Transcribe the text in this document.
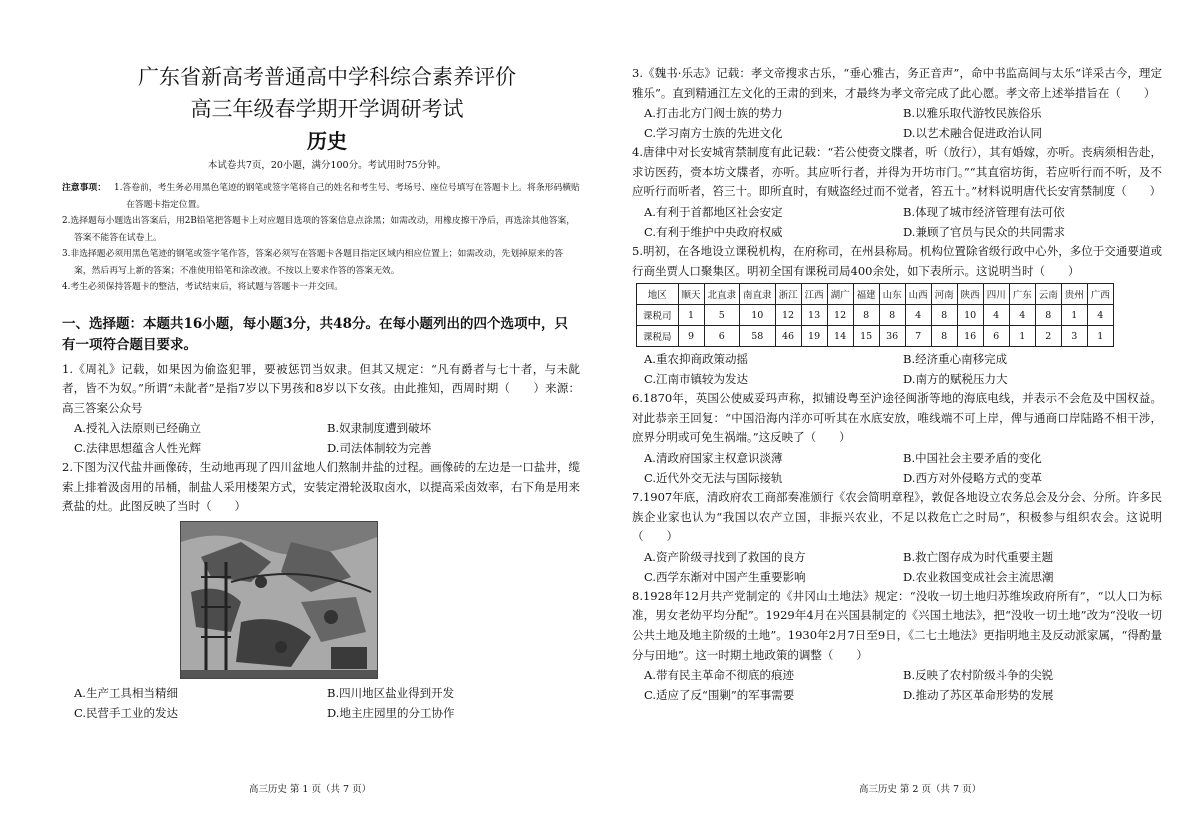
广东省新高考普通高中学科综合素养评价
高三年级春学期开学调研考试
历史
本试卷共7页，20小题，满分100分。考试用时75分钟。
注意事项： 1.答卷前，考生务必用黑色笔迹的钢笔或签字笔将自己的姓名和考生号、考场号、座位号填写在答题卡上。将条形码横贴在答题卡指定位置。
2.选择题每小题选出答案后，用2B铅笔把答题卡上对应题目选项的答案信息点涂黑；如需改动，用橡皮擦干净后，再选涂其他答案，答案不能答在试卷上。
3.非选择题必须用黑色笔迹的钢笔或签字笔作答，答案必须写在答题卡各题目指定区域内相应位置上；如需改动，先划掉原来的答案，然后再写上新的答案；不准使用铅笔和涂改液。不按以上要求作答的答案无效。
4.考生必须保持答题卡的整洁，考试结束后，将试题与答题卡一并交回。
一、选择题：本题共16小题，每小题3分，共48分。在每小题列出的四个选项中，只有一项符合题目要求。
1.《周礼》记载，如果因为偷盗犯罪，要被惩罚当奴隶。但其又规定：“凡有爵者与七十者，与未龀者，皆不为奴。”所谓“未龀者”是指7岁以下男孩和8岁以下女孩。由此推知，西周时期（　　）来源：高三答案公众号
A.授礼入法原则已经确立	B.奴隶制度遭到破坏
C.法律思想蕴含人性光辉	D.司法体制较为完善
2.下图为汉代盐井画像砖，生动地再现了四川盆地人们熬制井盐的过程。画像砖的左边是一口盐井，缆索上排着汲卤用的吊桶，制盐人采用楼架方式，安装定滑轮汲取卤水，以提高采卤效率，右下角是用来煮盐的灶。此图反映了当时（　　）
A.生产工具相当精细	B.四川地区盐业得到开发
C.民营手工业的发达	D.地主庄园里的分工协作
高三历史 第 1 页（共 7 页）
3.《魏书·乐志》记载：孝文帝搜求古乐，“垂心雅古，务正音声”，命中书监高闾与太乐“详采古今，理定雅乐”。直到精通江左文化的王肃的到来，才最终为孝文帝完成了此心愿。孝文帝上述举措旨在（　　）
A.打击北方门阀士族的势力	B.以雅乐取代游牧民族俗乐
C.学习南方士族的先进文化	D.以艺术融合促进政治认同
4.唐律中对长安城宵禁制度有此记载：“若公使赍文牒者，听（放行），其有婚嫁，亦听。丧病须相告赴，求访医药，赍本坊文牒者，亦听。其应听行者，并得为开坊市门。”“其直宿坊街，若应听行而不听，及不应听行而听者，笞三十。即所直时，有贼盗经过而不觉者，笞五十。”材料说明唐代长安宵禁制度（　　）
A.有利于首都地区社会安定	B.体现了城市经济管理有法可依
C.有利于维护中央政府权威	D.兼顾了官员与民众的共同需求
5.明初，在各地设立课税机构，在府称司，在州县称局。机构位置除省级行政中心外，多位于交通要道或行商坐贾人口聚集区。明初全国有课税司局400余处，如下表所示。这说明当时（　　）
地区	顺天	北直隶	南直隶	浙江	江西	湖广	福建	山东	山西	河南	陕西	四川	广东	云南	贵州	广西
课税司	1	5	10	12	13	12	8	8	4	8	10	4	4	8	1	4
课税局	9	6	58	46	19	14	15	36	7	8	16	6	1	2	3	1
A.重农抑商政策动摇	B.经济重心南移完成
C.江南市镇较为发达	D.南方的赋税压力大
6.1870年，英国公使威妥玛声称，拟铺设粤至沪途径闽浙等地的海底电线，并表示不会危及中国权益。对此恭亲王回复：“中国沿海内洋亦可听其在水底安放，唯线端不可上岸，俾与通商口岸陆路不相干涉，庶界分明或可免生祸端。”这反映了（　　）
A.清政府国家主权意识淡薄	B.中国社会主要矛盾的变化
C.近代外交无法与国际接轨	D.西方对外侵略方式的变革
7.1907年底，清政府农工商部奏准颁行《农会简明章程》，敦促各地设立农务总会及分会、分所。许多民族企业家也认为“我国以农产立国，非振兴农业，不足以救危亡之时局”，积极参与组织农会。这说明（　　）
A.资产阶级寻找到了救国的良方	B.救亡图存成为时代重要主题
C.西学东渐对中国产生重要影响	D.农业救国变成社会主流思潮
8.1928年12月共产党制定的《井冈山土地法》规定：“没收一切土地归苏维埃政府所有”，“以人口为标准，男女老幼平均分配”。1929年4月在兴国县制定的《兴国土地法》，把“没收一切土地”改为“没收一切公共土地及地主阶级的土地”。1930年2月7日至9日，《二七土地法》更指明地主及反动派家属，“得酌量分与田地”。这一时期土地政策的调整（　　）
A.带有民主革命不彻底的痕迹	B.反映了农村阶级斗争的尖锐
C.适应了反“围剿”的军事需要	D.推动了苏区革命形势的发展
高三历史 第 2 页（共 7 页）
